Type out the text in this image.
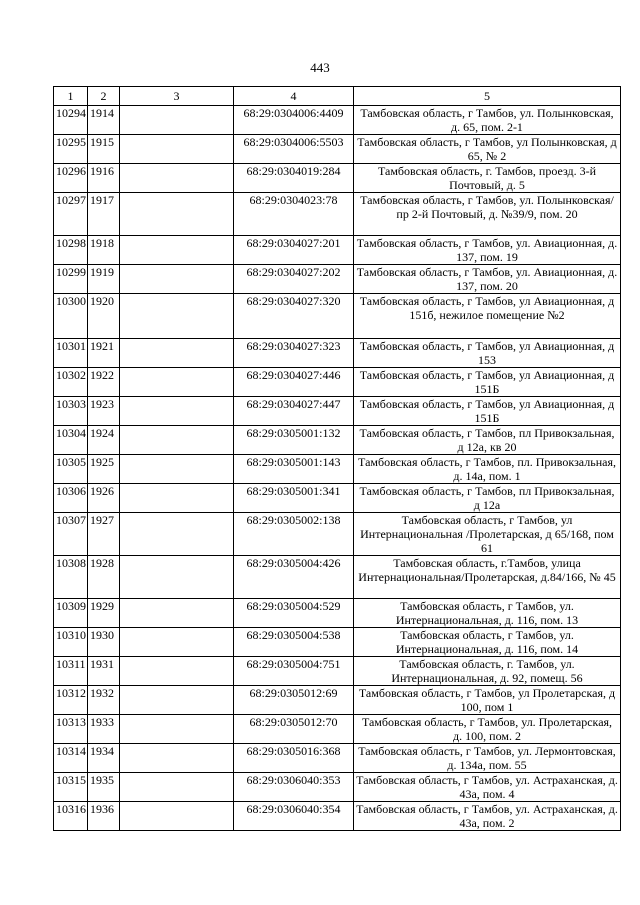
443
1	2	3	4	5
10294	1914		68:29:0304006:4409	Тамбовская область, г Тамбов, ул. Полынковская, д. 65, пом. 2-1
10295	1915		68:29:0304006:5503	Тамбовская область, г Тамбов, ул Полынковская, д 65, № 2
10296	1916		68:29:0304019:284	Тамбовская область, г. Тамбов, проезд. 3-й Почтовый, д. 5
10297	1917		68:29:0304023:78	Тамбовская область, г Тамбов, ул. Полынковская/пр 2-й Почтовый, д. №39/9, пом. 20
10298	1918		68:29:0304027:201	Тамбовская область, г Тамбов, ул. Авиационная, д. 137, пом. 19
10299	1919		68:29:0304027:202	Тамбовская область, г Тамбов, ул. Авиационная, д. 137, пом. 20
10300	1920		68:29:0304027:320	Тамбовская область, г Тамбов, ул Авиационная, д 151б, нежилое помещение №2
10301	1921		68:29:0304027:323	Тамбовская область, г Тамбов, ул Авиационная, д 153
10302	1922		68:29:0304027:446	Тамбовская область, г Тамбов, ул Авиационная, д 151Б
10303	1923		68:29:0304027:447	Тамбовская область, г Тамбов, ул Авиационная, д 151Б
10304	1924		68:29:0305001:132	Тамбовская область, г Тамбов, пл Привокзальная, д 12а, кв 20
10305	1925		68:29:0305001:143	Тамбовская область, г Тамбов, пл. Привокзальная, д. 14а, пом. 1
10306	1926		68:29:0305001:341	Тамбовская область, г Тамбов, пл Привокзальная, д 12а
10307	1927		68:29:0305002:138	Тамбовская область, г Тамбов, ул Интернациональная /Пролетарская, д 65/168, пом 61
10308	1928		68:29:0305004:426	Тамбовская область, г.Тамбов, улица Интернациональная/Пролетарская, д.84/166, № 45
10309	1929		68:29:0305004:529	Тамбовская область, г Тамбов, ул. Интернациональная, д. 116, пом. 13
10310	1930		68:29:0305004:538	Тамбовская область, г Тамбов, ул. Интернациональная, д. 116, пом. 14
10311	1931		68:29:0305004:751	Тамбовская область, г. Тамбов, ул. Интернациональная, д. 92, помещ. 56
10312	1932		68:29:0305012:69	Тамбовская область, г Тамбов, ул Пролетарская, д 100, пом 1
10313	1933		68:29:0305012:70	Тамбовская область, г Тамбов, ул. Пролетарская, д. 100, пом. 2
10314	1934		68:29:0305016:368	Тамбовская область, г Тамбов, ул. Лермонтовская, д. 134а, пом. 55
10315	1935		68:29:0306040:353	Тамбовская область, г Тамбов, ул. Астраханская, д. 43а, пом. 4
10316	1936		68:29:0306040:354	Тамбовская область, г Тамбов, ул. Астраханская, д. 43а, пом. 2
